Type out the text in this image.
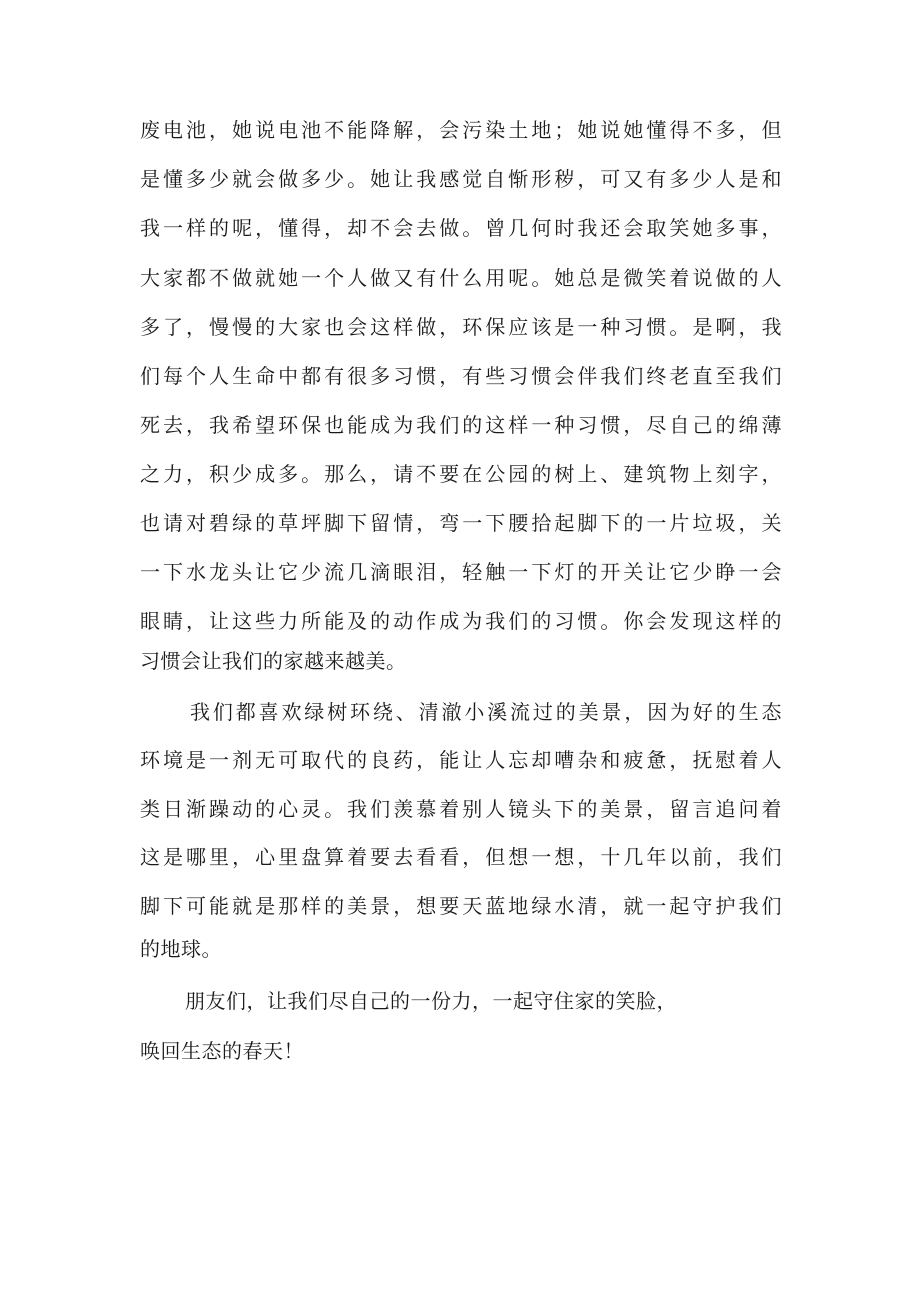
废电池，她说电池不能降解，会污染土地；她说她懂得不多，但
是懂多少就会做多少。她让我感觉自惭形秽，可又有多少人是和
我一样的呢，懂得，却不会去做。曾几何时我还会取笑她多事，
大家都不做就她一个人做又有什么用呢。她总是微笑着说做的人
多了，慢慢的大家也会这样做，环保应该是一种习惯。是啊，我
们每个人生命中都有很多习惯，有些习惯会伴我们终老直至我们
死去，我希望环保也能成为我们的这样一种习惯，尽自己的绵薄
之力，积少成多。那么，请不要在公园的树上、建筑物上刻字，
也请对碧绿的草坪脚下留情，弯一下腰拾起脚下的一片垃圾，关
一下水龙头让它少流几滴眼泪，轻触一下灯的开关让它少睁一会
眼睛，让这些力所能及的动作成为我们的习惯。你会发现这样的
习惯会让我们的家越来越美。
我们都喜欢绿树环绕、清澈小溪流过的美景，因为好的生态
环境是一剂无可取代的良药，能让人忘却嘈杂和疲惫，抚慰着人
类日渐躁动的心灵。我们羡慕着别人镜头下的美景，留言追问着
这是哪里，心里盘算着要去看看，但想一想，十几年以前，我们
脚下可能就是那样的美景，想要天蓝地绿水清，就一起守护我们
的地球。
朋友们，让我们尽自己的一份力，一起守住家的笑脸，
唤回生态的春天！
